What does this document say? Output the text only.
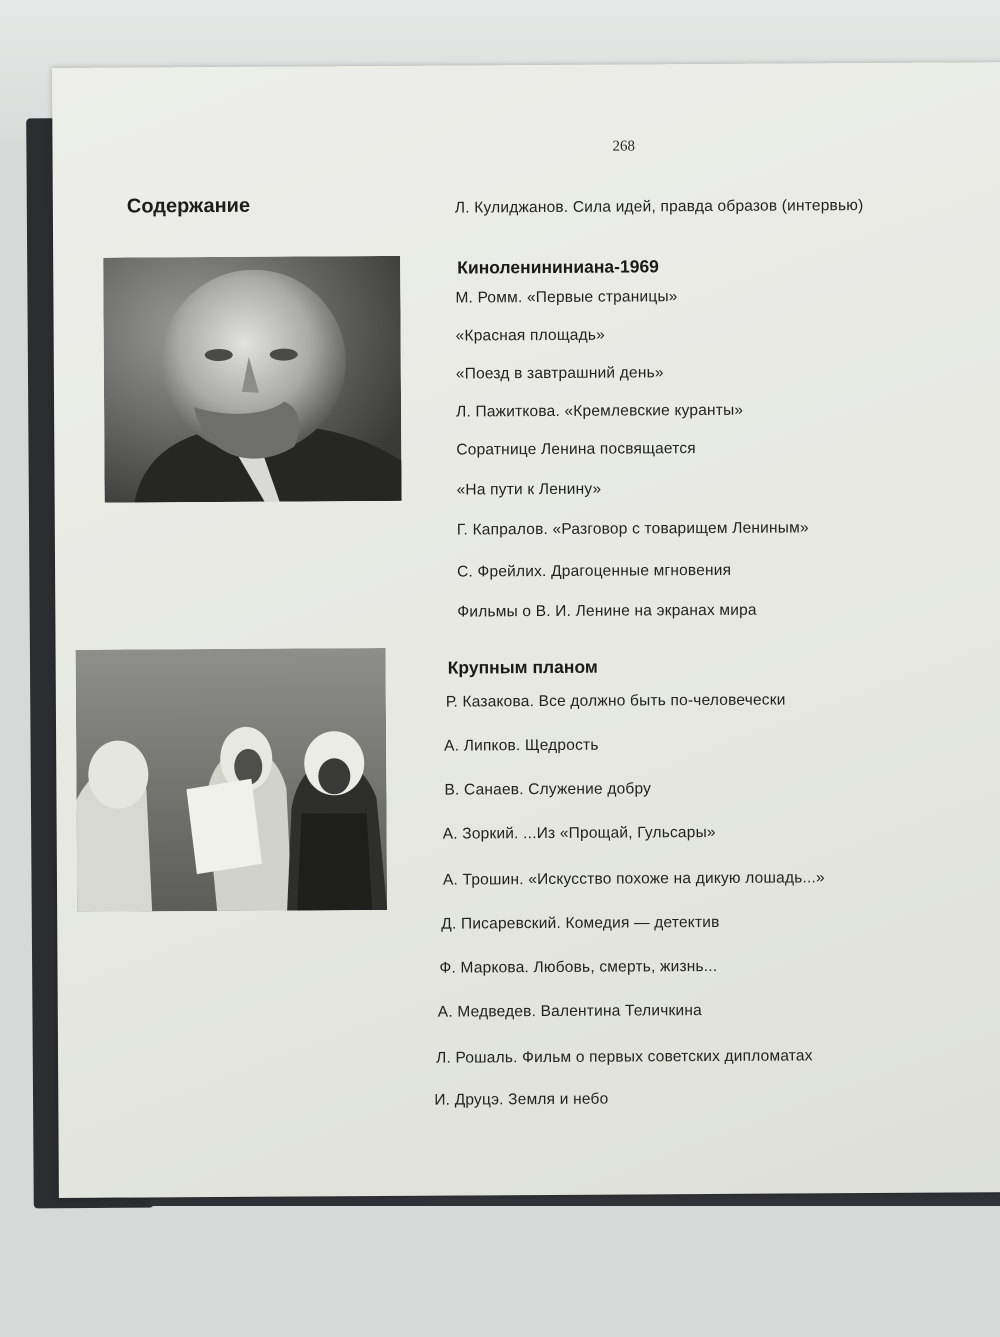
268
Содержание	Л. Кулиджанов. Сила идей, правда образов (интервью)
Киноленининиана-1969
М. Ромм. «Первые страницы»
«Красная площадь»
«Поезд в завтрашний день»
Л. Пажиткова. «Кремлевские куранты»
Соратнице Ленина посвящается
«На пути к Ленину»
Г. Капралов. «Разговор с товарищем Лениным»
С. Фрейлих. Драгоценные мгновения
Фильмы о В. И. Ленине на экранах мира
Крупным планом
Р. Казакова. Все должно быть по-человечески
А. Липков. Щедрость
В. Санаев. Служение добру
А. Зоркий. ...Из «Прощай, Гульсары»
А. Трошин. «Искусство похоже на дикую лошадь...»
Д. Писаревский. Комедия — детектив
Ф. Маркова. Любовь, смерть, жизнь...
А. Медведев. Валентина Теличкина
Л. Рошаль. Фильм о первых советских дипломатах
И. Друцэ. Земля и небо
